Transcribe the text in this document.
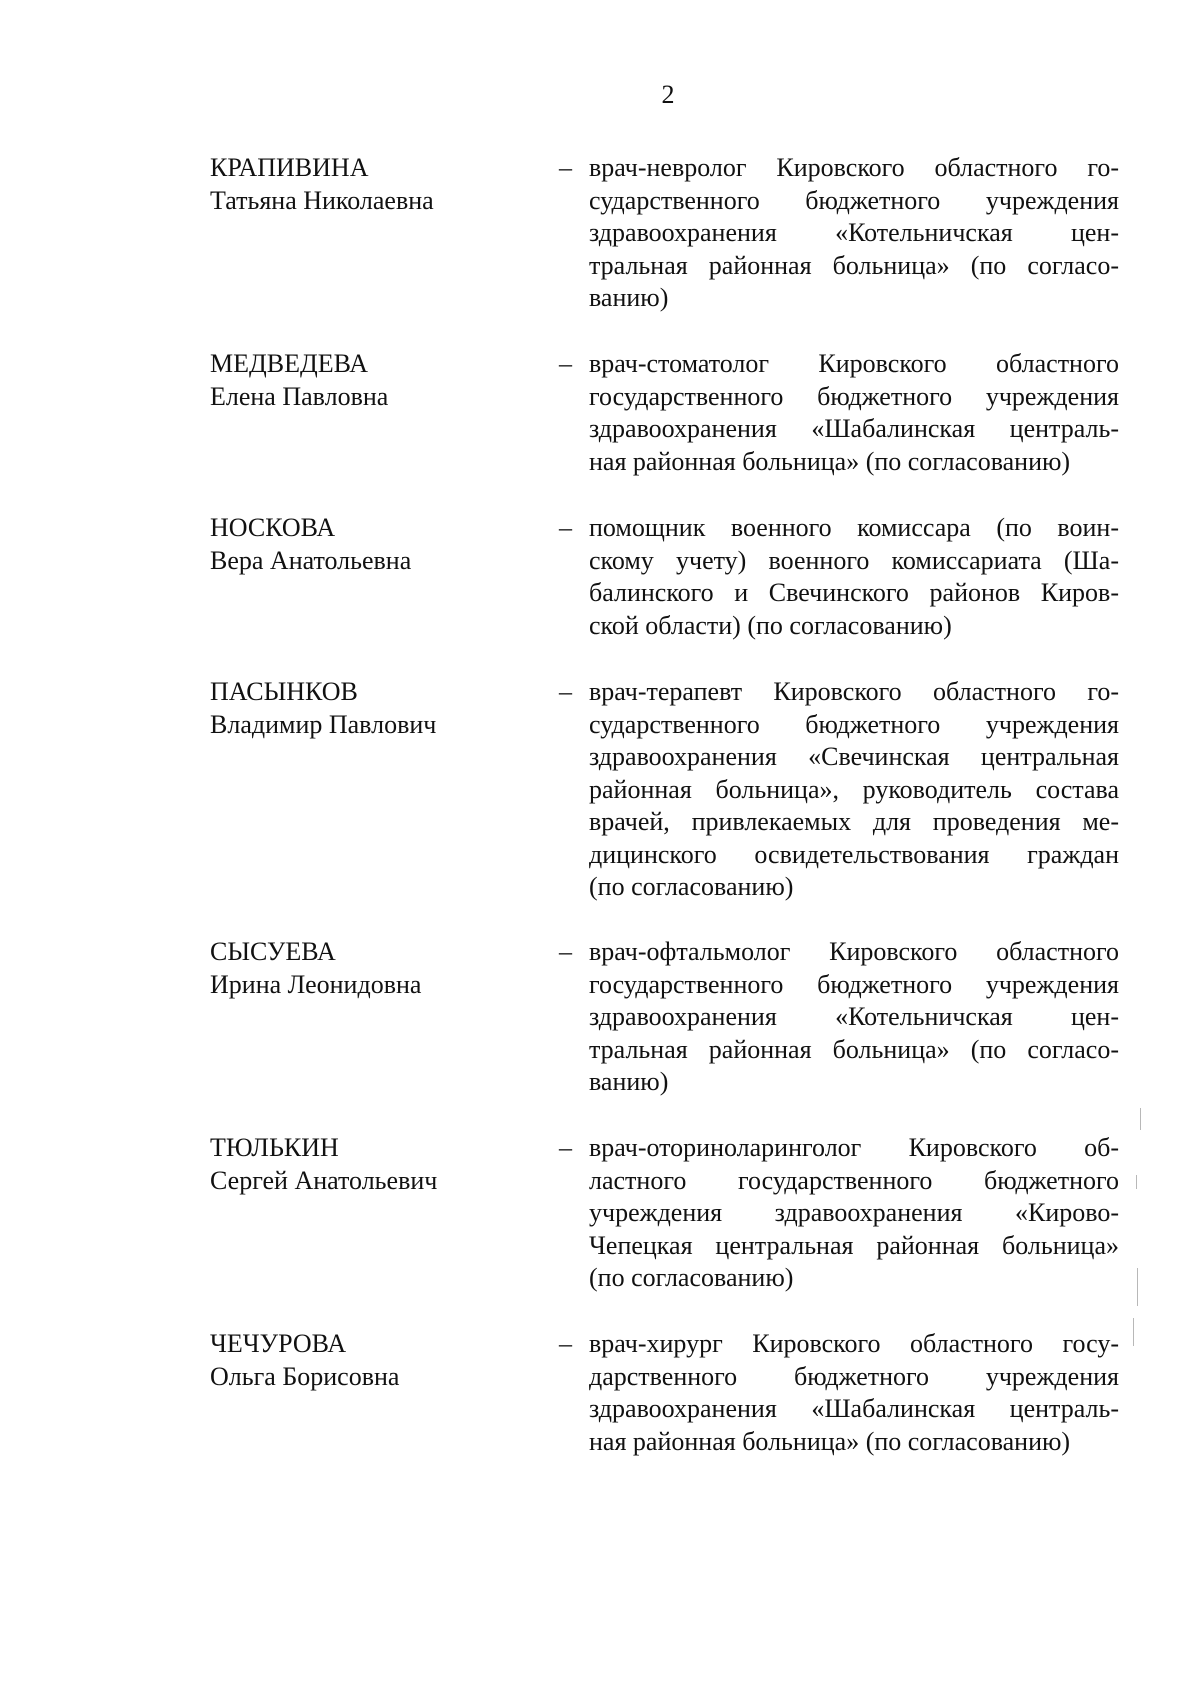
2
КРАПИВИНА
Татьяна Николаевна
– врач-невролог Кировского областного го-
сударственного бюджетного учреждения
здравоохранения «Котельничская цен-
тральная районная больница» (по согласо-
ванию)
МЕДВЕДЕВА
Елена Павловна
– врач-стоматолог Кировского областного
государственного бюджетного учреждения
здравоохранения «Шабалинская централь-
ная районная больница» (по согласованию)
НОСКОВА
Вера Анатольевна
– помощник военного комиссара (по воин-
скому учету) военного комиссариата (Ша-
балинского и Свечинского районов Киров-
ской области) (по согласованию)
ПАСЫНКОВ
Владимир Павлович
– врач-терапевт Кировского областного го-
сударственного бюджетного учреждения
здравоохранения «Свечинская центральная
районная больница», руководитель состава
врачей, привлекаемых для проведения ме-
дицинского освидетельствования граждан
(по согласованию)
СЫСУЕВА
Ирина Леонидовна
– врач-офтальмолог Кировского областного
государственного бюджетного учреждения
здравоохранения «Котельничская цен-
тральная районная больница» (по согласо-
ванию)
ТЮЛЬКИН
Сергей Анатольевич
– врач-оториноларинголог Кировского об-
ластного государственного бюджетного
учреждения здравоохранения «Кирово-
Чепецкая центральная районная больница»
(по согласованию)
ЧЕЧУРОВА
Ольга Борисовна
– врач-хирург Кировского областного госу-
дарственного бюджетного учреждения
здравоохранения «Шабалинская централь-
ная районная больница» (по согласованию)
